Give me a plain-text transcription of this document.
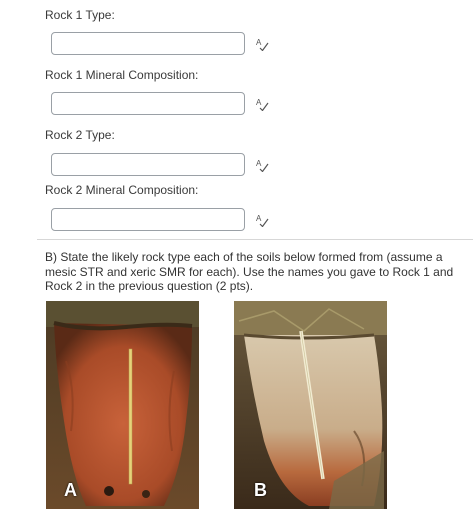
Rock 1 Type:
A
Rock 1 Mineral Composition:
A
Rock 2 Type:
A
Rock 2 Mineral Composition:
A
B) State the likely rock type each of the soils below formed from (assume a mesic STR and xeric SMR for each). Use the names you gave to Rock 1 and Rock 2 in the previous question (2 pts).
A	B
